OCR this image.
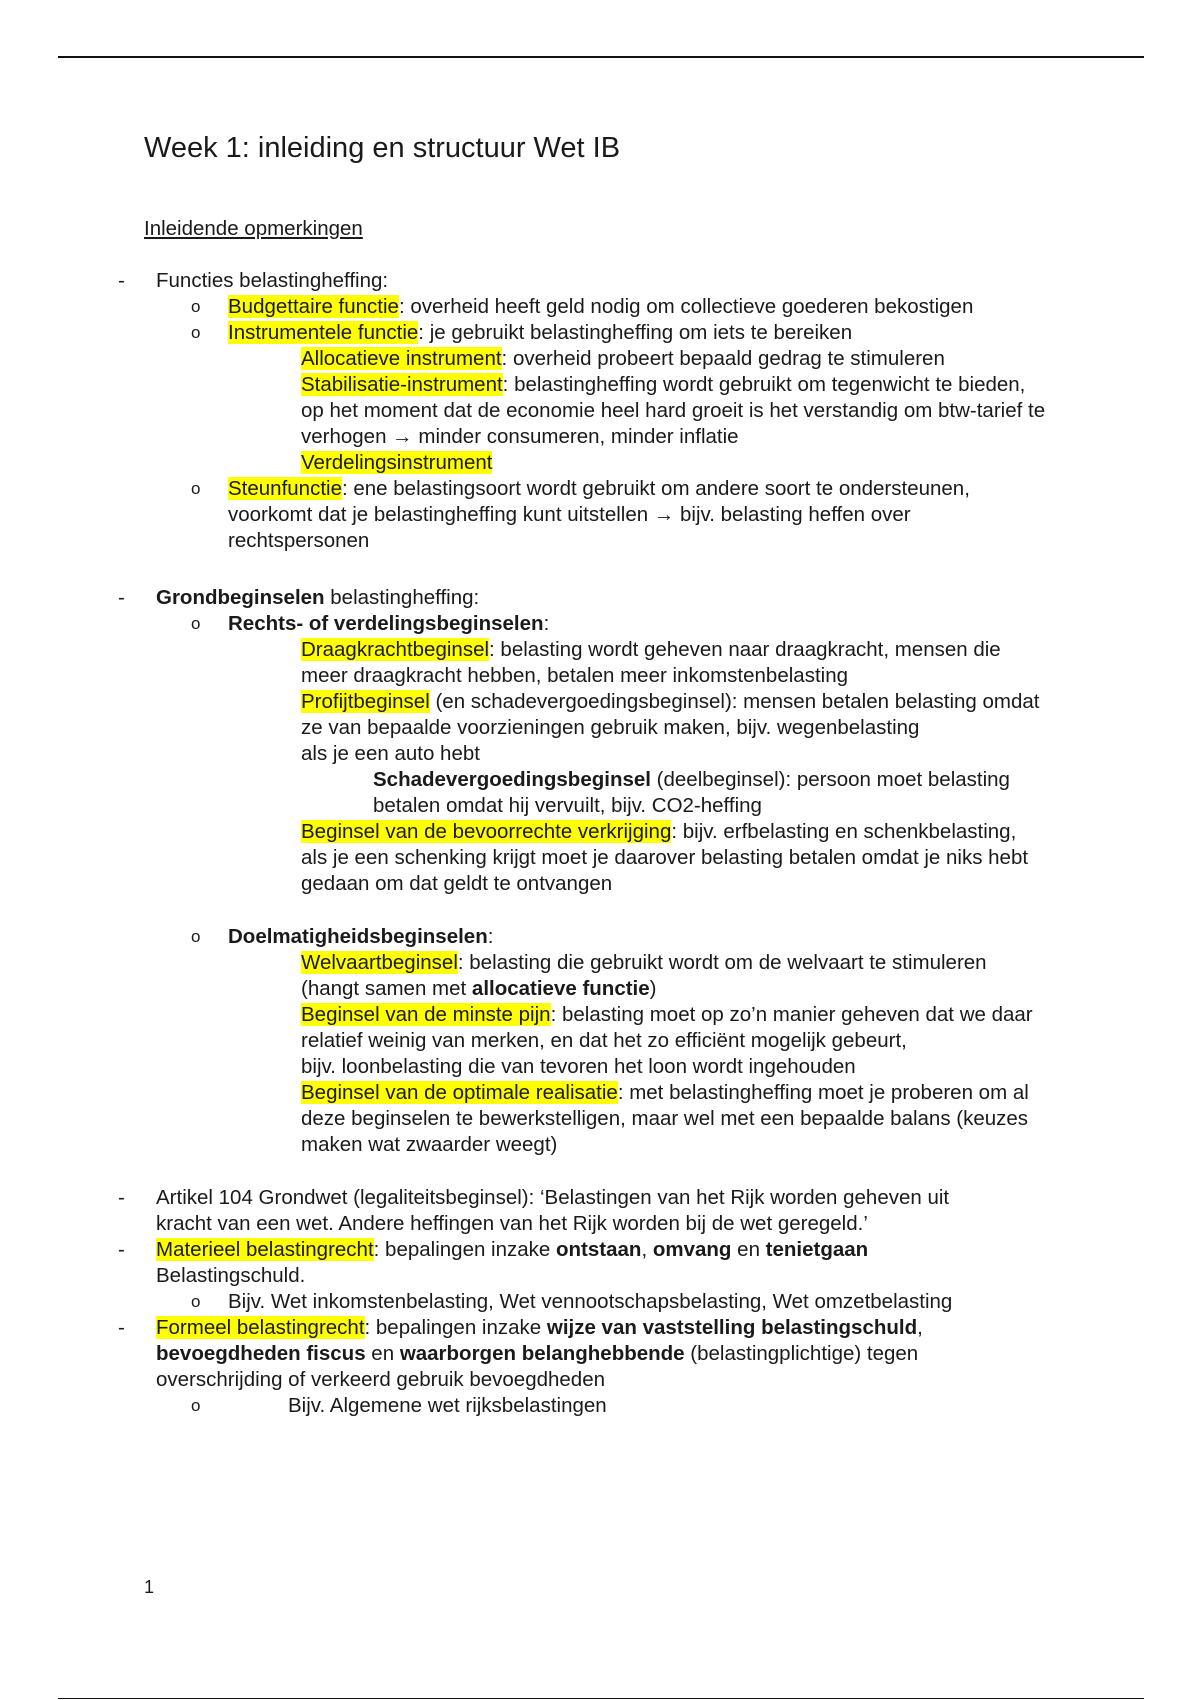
Week 1: inleiding en structuur Wet IB
Inleidende opmerkingen
-	Functies belastingheffing:
o Budgettaire functie: overheid heeft geld nodig om collectieve goederen bekostigen
o Instrumentele functie: je gebruikt belastingheffing om iets te bereiken
Allocatieve instrument: overheid probeert bepaald gedrag te stimuleren
Stabilisatie-instrument: belastingheffing wordt gebruikt om tegenwicht te bieden, op het moment dat de economie heel hard groeit is het verstandig om btw-tarief te verhogen → minder consumeren, minder inflatie
Verdelingsinstrument
o Steunfunctie: ene belastingsoort wordt gebruikt om andere soort te ondersteunen, voorkomt dat je belastingheffing kunt uitstellen → bijv. belasting heffen over rechtspersonen
-	Grondbeginselen belastingheffing:
o Rechts- of verdelingsbeginselen:
Draagkrachtbeginsel: belasting wordt geheven naar draagkracht, mensen die meer draagkracht hebben, betalen meer inkomstenbelasting
Profijtbeginsel (en schadevergoedingsbeginsel): mensen betalen belasting omdat ze van bepaalde voorzieningen gebruik maken, bijv. wegenbelasting
als je een auto hebt
Schadevergoedingsbeginsel (deelbeginsel): persoon moet belasting betalen omdat hij vervuilt, bijv. CO2-heffing
Beginsel van de bevoorrechte verkrijging: bijv. erfbelasting en schenkbelasting, als je een schenking krijgt moet je daarover belasting betalen omdat je niks hebt gedaan om dat geldt te ontvangen
o Doelmatigheidsbeginselen:
Welvaartbeginsel: belasting die gebruikt wordt om de welvaart te stimuleren (hangt samen met allocatieve functie)
Beginsel van de minste pijn: belasting moet op zo’n manier geheven dat we daar relatief weinig van merken, en dat het zo efficiënt mogelijk gebeurt,
bijv. loonbelasting die van tevoren het loon wordt ingehouden
Beginsel van de optimale realisatie: met belastingheffing moet je proberen om al deze beginselen te bewerkstelligen, maar wel met een bepaalde balans (keuzes maken wat zwaarder weegt)
-	Artikel 104 Grondwet (legaliteitsbeginsel): ‘Belastingen van het Rijk worden geheven uit kracht van een wet. Andere heffingen van het Rijk worden bij de wet geregeld.’
-	Materieel belastingrecht: bepalingen inzake ontstaan, omvang en tenietgaan Belastingschuld.
o Bijv. Wet inkomstenbelasting, Wet vennootschapsbelasting, Wet omzetbelasting
-	Formeel belastingrecht: bepalingen inzake wijze van vaststelling belastingschuld, bevoegdheden fiscus en waarborgen belanghebbende (belastingplichtige) tegen overschrijding of verkeerd gebruik bevoegdheden
o	Bijv. Algemene wet rijksbelastingen
1
